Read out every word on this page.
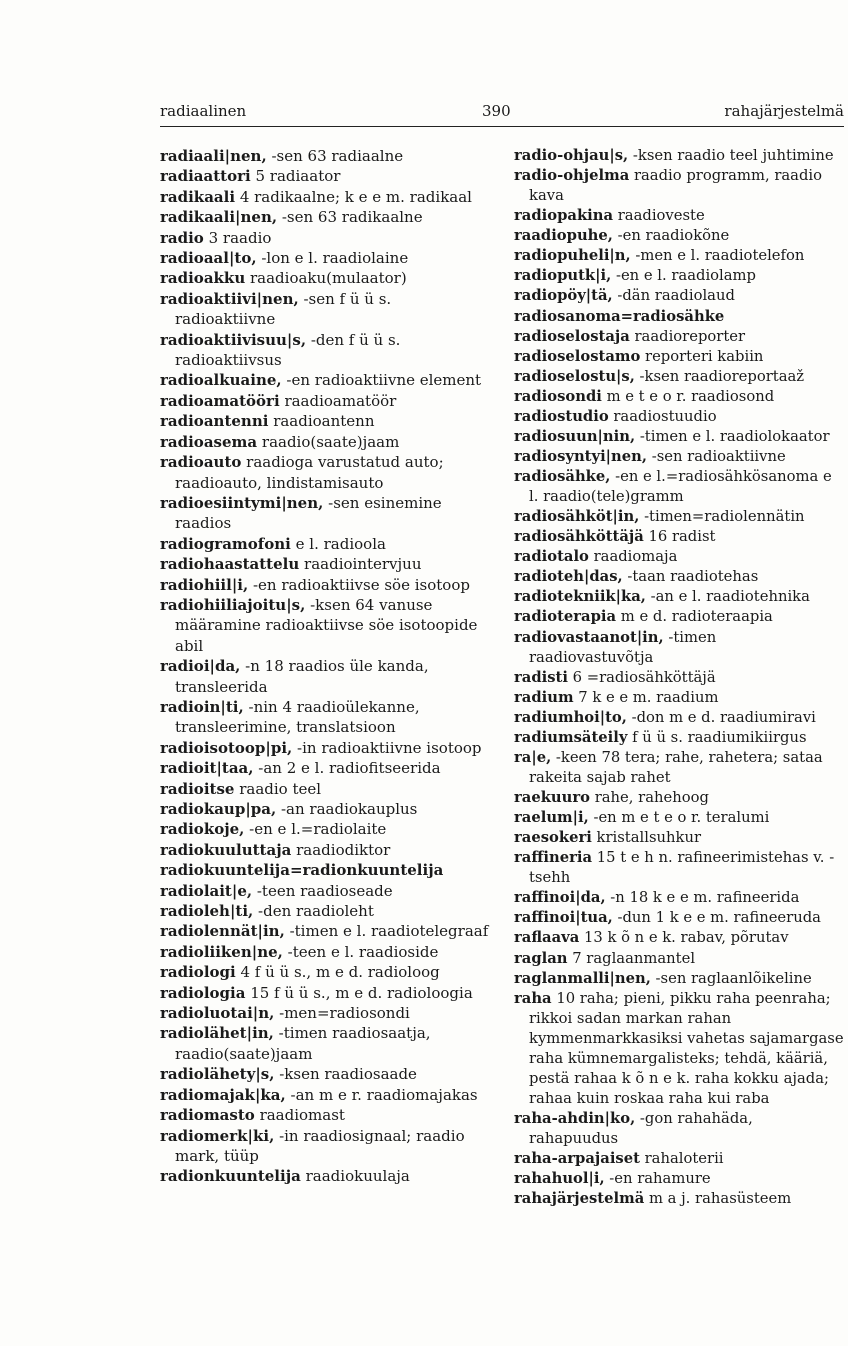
radiaalinen	390	rahajärjestelmä
radiaali|nen, -sen 63 radiaalne
radiaattori 5 radiaator
radikaali 4 radikaalne; k e e m. radikaal
radikaali|nen, -sen 63 radikaalne
radio 3 raadio
radioaal|to, -lon e l. raadiolaine
radioakku raadioaku(mulaator)
radioaktiivi|nen, -sen f ü ü s. radioaktiivne
radioaktiivisuu|s, -den f ü ü s. radioaktiivsus
radioalkuaine, -en radioaktiivne element
radioamatööri raadioamatöör
radioantenni raadioantenn
radioasema raadio(saate)jaam
radioauto raadioga varustatud auto; raadioauto, lindistamisauto
radioesiintymi|nen, -sen esinemine raadios
radiogramofoni e l. radioola
radiohaastattelu raadiointervjuu
radiohiil|i, -en radioaktiivse söe isotoop
radiohiiliajoitu|s, -ksen 64 vanuse määramine radioaktiivse söe isotoopide abil
radioi|da, -n 18 raadios üle kanda, transleerida
radioin|ti, -nin 4 raadioülekanne, transleerimine, translatsioon
radioisotoop|pi, -in radioaktiivne isotoop
radioit|taa, -an 2 e l. radiofitseerida
radioitse raadio teel
radiokaup|pa, -an raadiokauplus
radiokoje, -en e l.=radiolaite
radiokuuluttaja raadiodiktor
radiokuuntelija=radionkuuntelija
radiolait|e, -teen raadioseade
radioleh|ti, -den raadioleht
radiolennät|in, -timen e l. raadiotelegraaf
radioliiken|ne, -teen e l. raadioside
radiologi 4 f ü ü s., m e d. radioloog
radiologia 15 f ü ü s., m e d. radioloogia
radioluotai|n, -men=radiosondi
radiolähet|in, -timen raadiosaatja, raadio(saate)jaam
radiolähety|s, -ksen raadiosaade
radiomajak|ka, -an m e r. raadiomajakas
radiomasto raadiomast
radiomerk|ki, -in raadiosignaal; raadio mark, tüüp
radionkuuntelija raadiokuulaja
radio-ohjau|s, -ksen raadio teel juhtimine
radio-ohjelma raadio programm, raadio kava
radiopakina raadioveste
raadiopuhe, -en raadiokõne
radiopuheli|n, -men e l. raadiotelefon
radioputk|i, -en e l. raadiolamp
radiopöy|tä, -dän raadiolaud
radiosanoma=radiosähke
radioselostaja raadioreporter
radioselostamo reporteri kabiin
radioselostu|s, -ksen raadioreportaaž
radiosondi m e t e o r. raadiosond
radiostudio raadiostuudio
radiosuun|nin, -timen e l. raadiolokaator
radiosyntyi|nen, -sen radioaktiivne
radiosähke, -en e l.=radiosähkösanoma e l. raadio(tele)gramm
radiosähköt|in, -timen=radiolennätin
radiosähköttäjä 16 radist
radiotalo raadiomaja
radioteh|das, -taan raadiotehas
radiotekniik|ka, -an e l. raadiotehnika
radioterapia m e d. radioteraapia
radiovastaanot|in, -timen raadiovastuvõtja
radisti 6 =radiosähköttäjä
radium 7 k e e m. raadium
radiumhoi|to, -don m e d. raadiumiravi
radiumsäteily f ü ü s. raadiumikiirgus
ra|e, -keen 78 tera; rahe, rahetera; sataa rakeita sajab rahet
raekuuro rahe, rahehoog
raelum|i, -en m e t e o r. teralumi
raesokeri kristallsuhkur
raffineria 15 t e h n. rafineerimistehas v. -tsehh
raffinoi|da, -n 18 k e e m. rafineerida
raffinoi|tua, -dun 1 k e e m. rafineeruda
raflaava 13 k õ n e k. rabav, põrutav
raglan 7 raglaanmantel
raglanmalli|nen, -sen raglaanlõikeline
raha 10 raha; pieni, pikku raha peenraha; rikkoi sadan markan rahan kymmenmarkkasiksi vahetas sajamargase raha kümnemargalisteks; tehdä, kääriä, pestä rahaa k õ n e k. raha kokku ajada; rahaa kuin roskaa raha kui raba
raha-ahdin|ko, -gon rahahäda, rahapuudus
raha-arpajaiset rahaloterii
rahahuol|i, -en rahamure
rahajärjestelmä m a j. rahasüsteem
